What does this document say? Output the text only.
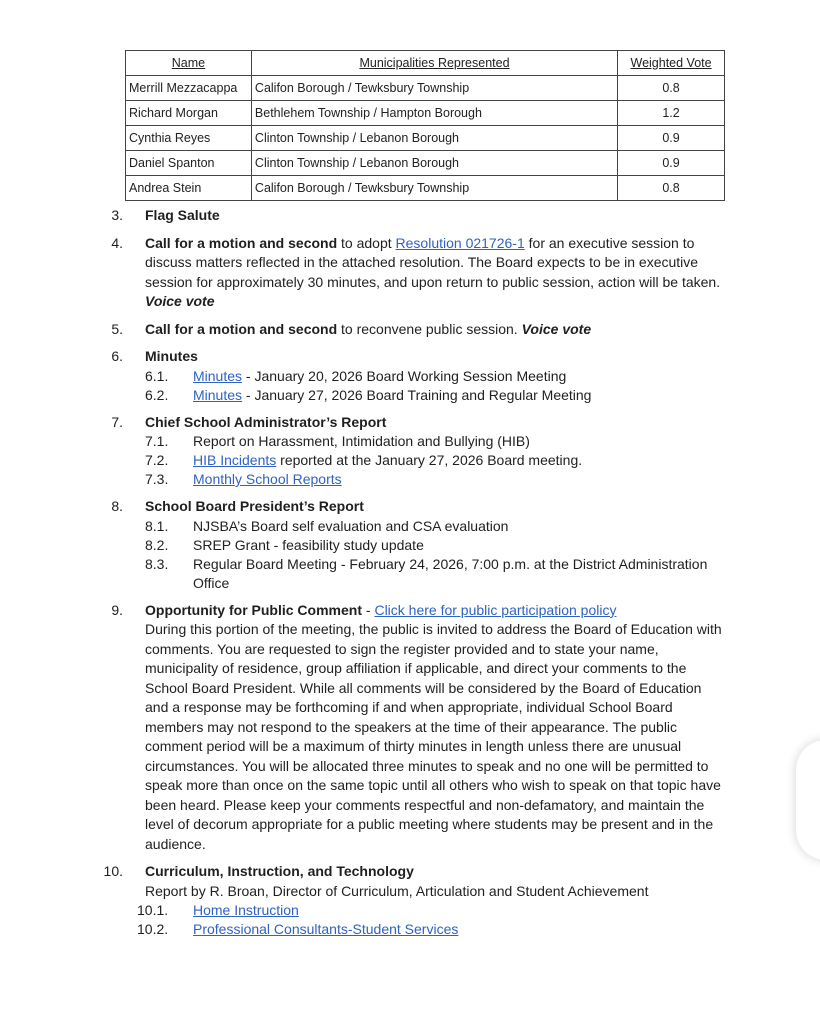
Name	Municipalities Represented	Weighted Vote
Merrill Mezzacappa	Califon Borough / Tewksbury Township	0.8
Richard Morgan	Bethlehem Township / Hampton Borough	1.2
Cynthia Reyes	Clinton Township / Lebanon Borough	0.9
Daniel Spanton	Clinton Township / Lebanon Borough	0.9
Andrea Stein	Califon Borough / Tewksbury Township	0.8
3. Flag Salute
4. Call for a motion and second to adopt Resolution 021726-1 for an executive session to discuss matters reflected in the attached resolution. The Board expects to be in executive session for approximately 30 minutes, and upon return to public session, action will be taken. Voice vote
5. Call for a motion and second to reconvene public session. Voice vote
6. Minutes
6.1. Minutes - January 20, 2026 Board Working Session Meeting
6.2. Minutes - January 27, 2026 Board Training and Regular Meeting
7. Chief School Administrator’s Report
7.1. Report on Harassment, Intimidation and Bullying (HIB)
7.2. HIB Incidents reported at the January 27, 2026 Board meeting.
7.3. Monthly School Reports
8. School Board President’s Report
8.1. NJSBA’s Board self evaluation and CSA evaluation
8.2. SREP Grant - feasibility study update
8.3. Regular Board Meeting - February 24, 2026, 7:00 p.m. at the District Administration Office
9. Opportunity for Public Comment - Click here for public participation policy
During this portion of the meeting, the public is invited to address the Board of Education with comments. You are requested to sign the register provided and to state your name, municipality of residence, group affiliation if applicable, and direct your comments to the School Board President. While all comments will be considered by the Board of Education and a response may be forthcoming if and when appropriate, individual School Board members may not respond to the speakers at the time of their appearance. The public comment period will be a maximum of thirty minutes in length unless there are unusual circumstances. You will be allocated three minutes to speak and no one will be permitted to speak more than once on the same topic until all others who wish to speak on that topic have been heard. Please keep your comments respectful and non-defamatory, and maintain the level of decorum appropriate for a public meeting where students may be present and in the audience.
10. Curriculum, Instruction, and Technology
Report by R. Broan, Director of Curriculum, Articulation and Student Achievement
10.1. Home Instruction
10.2. Professional Consultants-Student Services
